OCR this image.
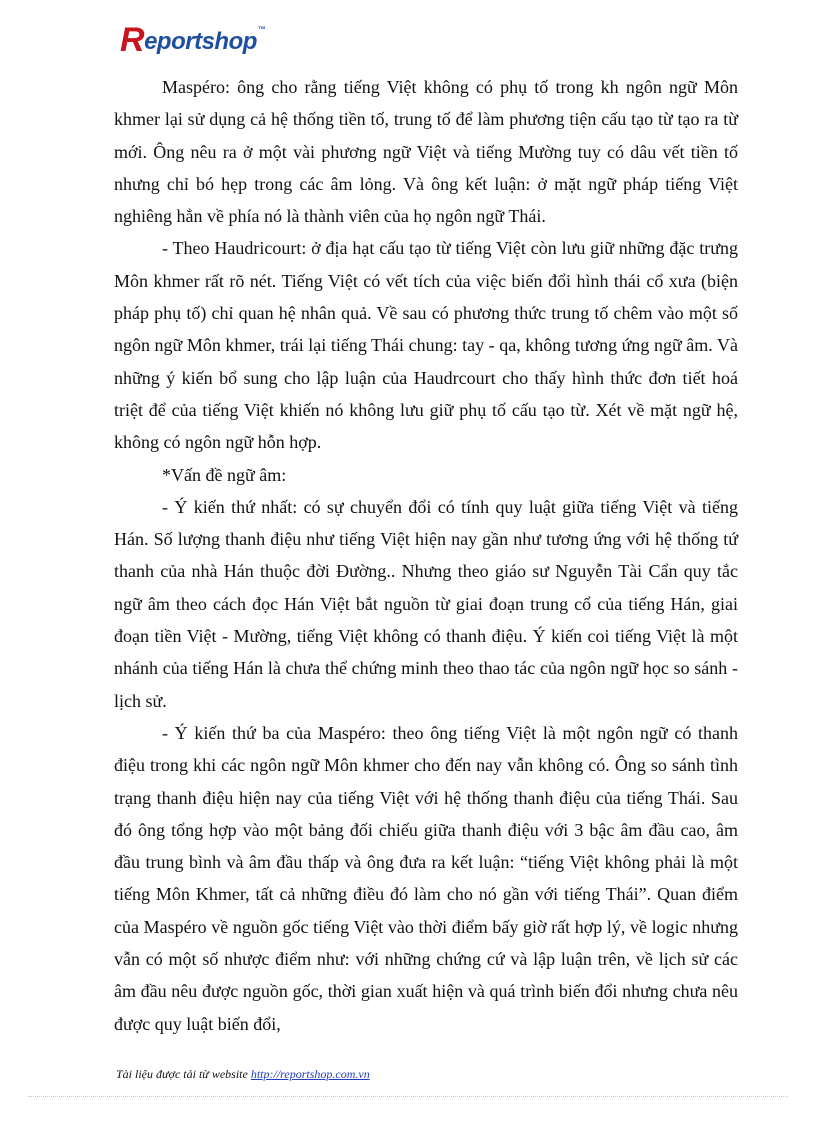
R eportshop ™

Maspéro: ông cho rằng tiếng Việt không có phụ tố trong kh ngôn ngữ Môn khmer lại sử dụng cả hệ thống tiền tố, trung tố để làm phương tiện cấu tạo từ tạo ra từ mới. Ông nêu ra ở một vài phương ngữ Việt và tiếng Mường tuy có dâu vết tiền tố nhưng chỉ bó hẹp trong các âm lỏng. Và ông kết luận: ở mặt ngữ pháp tiếng Việt nghiêng hẳn về phía nó là thành viên của họ ngôn ngữ Thái.

- Theo Haudricourt: ở địa hạt cấu tạo từ tiếng Việt còn lưu giữ những đặc trưng Môn khmer rất rõ nét. Tiếng Việt có vết tích của việc biến đổi hình thái cổ xưa (biện pháp phụ tố) chỉ quan hệ nhân quả. Về sau có phương thức trung tố chêm vào một số ngôn ngữ Môn khmer, trái lại tiếng Thái chung: tay - qa, không tương ứng ngữ âm. Và những ý kiến bổ sung cho lập luận của Haudrcourt cho thấy hình thức đơn tiết hoá triệt để của tiếng Việt khiến nó không lưu giữ phụ tố cấu tạo từ. Xét về mặt ngữ hệ, không có ngôn ngữ hỗn hợp.

*Vấn đề ngữ âm:

- Ý kiến thứ nhất: có sự chuyển đổi có tính quy luật giữa tiếng Việt và tiếng Hán. Số lượng thanh điệu như tiếng Việt hiện nay gần như tương ứng với hệ thống tứ thanh của nhà Hán thuộc đời Đường.. Nhưng theo giáo sư Nguyễn Tài Cẩn quy tắc ngữ âm theo cách đọc Hán Việt bắt nguồn từ giai đoạn trung cổ của tiếng Hán, giai đoạn tiền Việt - Mường, tiếng Việt không có thanh điệu. Ý kiến coi tiếng Việt là một nhánh của tiếng Hán là chưa thể chứng minh theo thao tác của ngôn ngữ học so sánh - lịch sử.

- Ý kiến thứ ba của Maspéro: theo ông tiếng Việt là một ngôn ngữ có thanh điệu trong khi các ngôn ngữ Môn khmer cho đến nay vẫn không có. Ông so sánh tình trạng thanh điệu hiện nay của tiếng Việt với hệ thống thanh điệu của tiếng Thái. Sau đó ông tổng hợp vào một bảng đối chiếu giữa thanh điệu với 3 bậc âm đầu cao, âm đầu trung bình và âm đầu thấp và ông đưa ra kết luận: “tiếng Việt không phải là một tiếng Môn Khmer, tất cả những điều đó làm cho nó gần với tiếng Thái”. Quan điểm của Maspéro về nguồn gốc tiếng Việt vào thời điểm bấy giờ rất hợp lý, về logic nhưng vẫn có một số nhược điểm như: với những chứng cứ và lập luận trên, về lịch sử các âm đầu nêu được nguồn gốc, thời gian xuất hiện và quá trình biến đổi nhưng chưa nêu được quy luật biến đổi,

Tài liệu được tải từ website http://reportshop.com.vn
